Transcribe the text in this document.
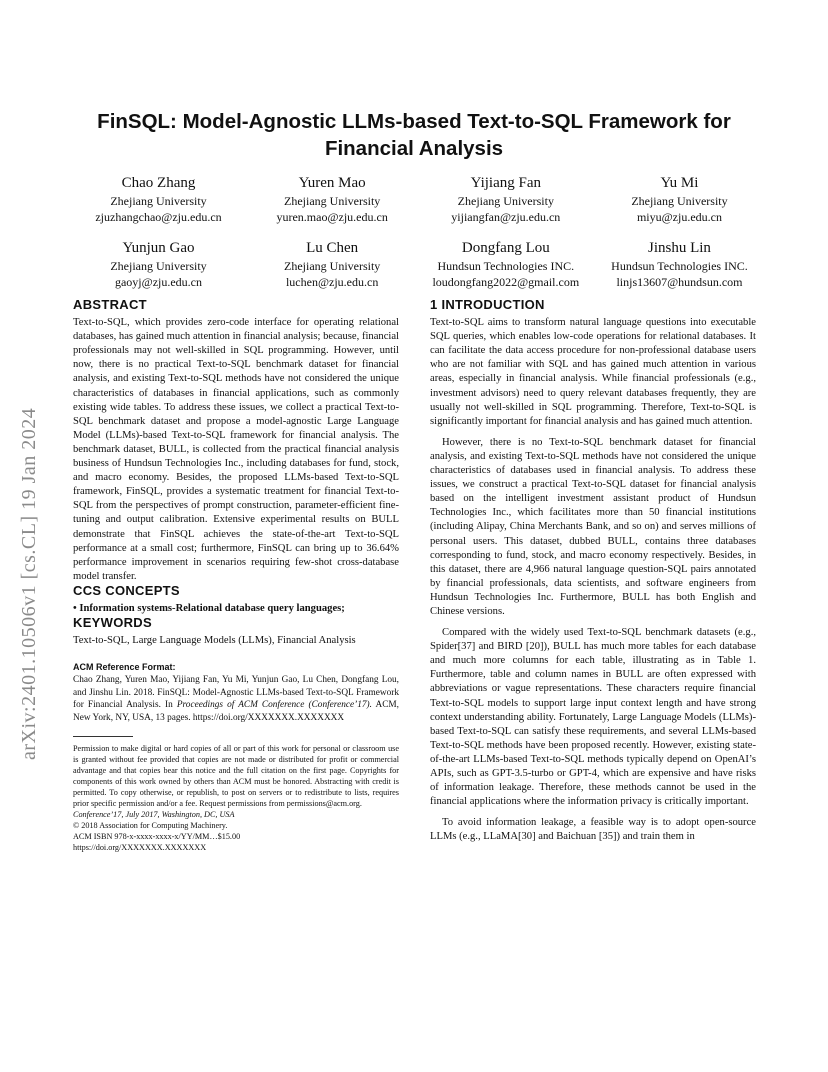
arXiv:2401.10506v1 [cs.CL] 19 Jan 2024
FinSQL: Model-Agnostic LLMs-based Text-to-SQL Framework for
Financial Analysis
Chao Zhang
Zhejiang University
zjuzhangchao@zju.edu.cn
Yuren Mao
Zhejiang University
yuren.mao@zju.edu.cn
Yijiang Fan
Zhejiang University
yijiangfan@zju.edu.cn
Yu Mi
Zhejiang University
miyu@zju.edu.cn
Yunjun Gao
Zhejiang University
gaoyj@zju.edu.cn
Lu Chen
Zhejiang University
luchen@zju.edu.cn
Dongfang Lou
Hundsun Technologies INC.
loudongfang2022@gmail.com
Jinshu Lin
Hundsun Technologies INC.
linjs13607@hundsun.com
ABSTRACT

Text-to-SQL, which provides zero-code interface for operating relational databases, has gained much attention in financial analysis; because, financial professionals may not well-skilled in SQL programming. However, until now, there is no practical Text-to-SQL benchmark dataset for financial analysis, and existing Text-to-SQL methods have not considered the unique characteristics of databases in financial applications, such as commonly existing wide tables. To address these issues, we collect a practical Text-to-SQL benchmark dataset and propose a model-agnostic Large Language Model (LLMs)-based Text-to-SQL framework for financial analysis. The benchmark dataset, BULL, is collected from the practical financial analysis business of Hundsun Technologies Inc., including databases for fund, stock, and macro economy. Besides, the proposed LLMs-based Text-to-SQL framework, FinSQL, provides a systematic treatment for financial Text-to-SQL from the perspectives of prompt construction, parameter-efficient fine-tuning and output calibration. Extensive experimental results on BULL demonstrate that FinSQL achieves the state-of-the-art Text-to-SQL performance at a small cost; furthermore, FinSQL can bring up to 36.64% performance improvement in scenarios requiring few-shot cross-database model transfer.

CCS CONCEPTS

• Information systems-Relational database query languages;

KEYWORDS

Text-to-SQL, Large Language Models (LLMs), Financial Analysis

ACM Reference Format:

Chao Zhang, Yuren Mao, Yijiang Fan, Yu Mi, Yunjun Gao, Lu Chen, Dongfang Lou, and Jinshu Lin. 2018. FinSQL: Model-Agnostic LLMs-based Text-to-SQL Framework for Financial Analysis. In Proceedings of ACM Conference (Conference’17). ACM, New York, NY, USA, 13 pages. https://doi.org/XXXXXXX.XXXXXXX

Permission to make digital or hard copies of all or part of this work for personal or classroom use is granted without fee provided that copies are not made or distributed for profit or commercial advantage and that copies bear this notice and the full citation on the first page. Copyrights for components of this work owned by others than ACM must be honored. Abstracting with credit is permitted. To copy otherwise, or republish, to post on servers or to redistribute to lists, requires prior specific permission and/or a fee. Request permissions from permissions@acm.org.

Conference’17, July 2017, Washington, DC, USA
© 2018 Association for Computing Machinery.
ACM ISBN 978-x-xxxx-xxxx-x/YY/MM…$15.00
https://doi.org/XXXXXXX.XXXXXXX
1 INTRODUCTION

Text-to-SQL aims to transform natural language questions into executable SQL queries, which enables low-code operations for relational databases. It can facilitate the data access procedure for non-professional database users who are not familiar with SQL and has gained much attention in various areas, especially in financial analysis. While financial professionals (e.g., investment advisors) need to query relevant databases frequently, they are usually not well-skilled in SQL programming. Therefore, Text-to-SQL is significantly important for financial analysis and has gained much attention.

However, there is no Text-to-SQL benchmark dataset for financial analysis, and existing Text-to-SQL methods have not considered the unique characteristics of databases used in financial analysis. To address these issues, we construct a practical Text-to-SQL dataset for financial analysis based on the intelligent investment assistant product of Hundsun Technologies Inc., which facilitates more than 50 financial institutions (including Alipay, China Merchants Bank, and so on) and serves millions of personal users. This dataset, dubbed BULL, contains three databases corresponding to fund, stock, and macro economy respectively. Besides, in this dataset, there are 4,966 natural language question-SQL pairs annotated by financial professionals, data scientists, and software engineers from Hundsun Technologies Inc. Furthermore, BULL has both English and Chinese versions.

Compared with the widely used Text-to-SQL benchmark datasets (e.g., Spider[37] and BIRD [20]), BULL has much more tables for each database and much more columns for each table, illustrating as in Table 1. Furthermore, table and column names in BULL are often expressed with abbreviations or vague representations. These characters require financial Text-to-SQL models to support large input context length and have strong context understanding ability. Fortunately, Large Language Models (LLMs)-based Text-to-SQL can satisfy these requirements, and several LLMs-based Text-to-SQL methods have been proposed recently. However, existing state-of-the-art LLMs-based Text-to-SQL methods typically depend on OpenAI’s APIs, such as GPT-3.5-turbo or GPT-4, which are expensive and have risks of information leakage. Therefore, these methods cannot be used in the financial applications where the information privacy is critically important.

To avoid information leakage, a feasible way is to adopt open-source LLMs (e.g., LLaMA[30] and Baichuan [35]) and train them in
